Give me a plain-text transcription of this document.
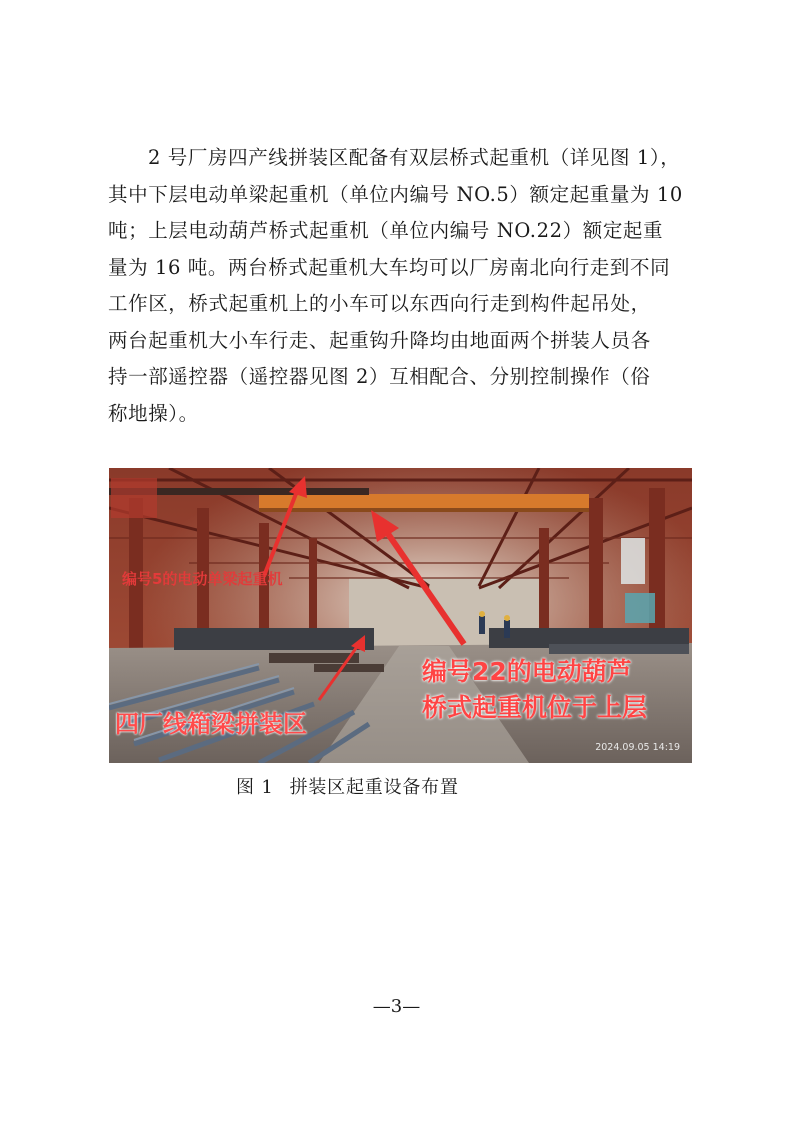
2 号厂房四产线拼装区配备有双层桥式起重机（详见图 1），
其中下层电动单梁起重机（单位内编号 NO.5）额定起重量为 10
吨；上层电动葫芦桥式起重机（单位内编号 NO.22）额定起重
量为 16 吨。两台桥式起重机大车均可以厂房南北向行走到不同
工作区，桥式起重机上的小车可以东西向行走到构件起吊处，
两台起重机大小车行走、起重钩升降均由地面两个拼装人员各
持一部遥控器（遥控器见图 2）互相配合、分别控制操作（俗
称地操）。
编号5的电动单梁起重机
四厂线箱梁拼装区
编号22的电动葫芦
桥式起重机位于上层
2024.09.05 14:19
图 1 拼装区起重设备布置
—3—
